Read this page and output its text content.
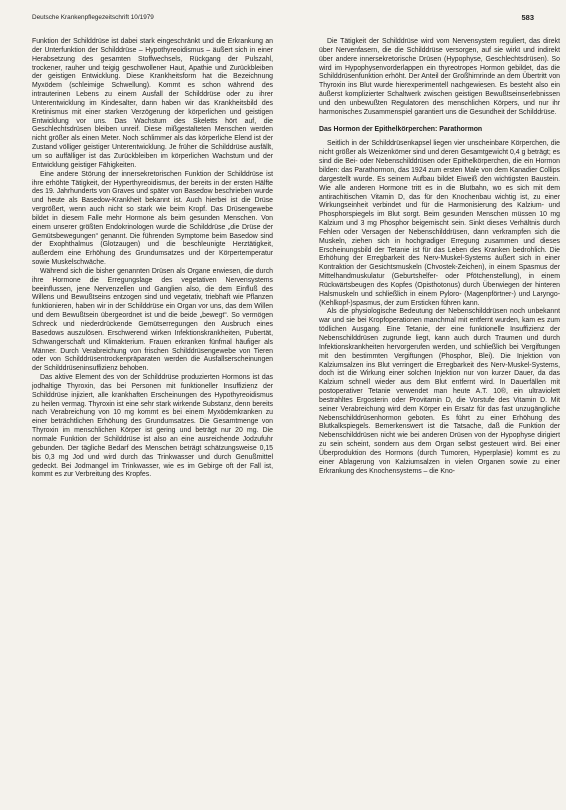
Deutsche Krankenpflegezeitschrift 10/1979	583

Funktion der Schilddrüse ist dabei stark eingeschränkt und die Erkrankung an der Unterfunktion der Schilddrüse – Hypothyreoidismus – äußert sich in einer Herabsetzung des gesamten Stoffwechsels, Rückgang der Pulszahl, trockener, rauher und teigig geschwollener Haut, Apathie und Zurückbleiben der geistigen Entwicklung. Diese Krankheitsform hat die Bezeichnung Myxödem (schleimige Schwellung). Kommt es schon während des intrauterinen Lebens zu einem Ausfall der Schilddrüse oder zu ihrer Unterentwicklung im Kindesalter, dann haben wir das Krankheitsbild des Kretinismus mit einer starken Verzögerung der körperlichen und geistigen Entwicklung vor uns. Das Wachstum des Skeletts hört auf, die Geschlechtsdrüsen bleiben unreif. Diese mißgestalteten Menschen werden nicht größer als einen Meter. Noch schlimmer als das körperliche Elend ist der Zustand völliger geistiger Unterentwicklung. Je früher die Schilddrüse ausfällt, um so auffälliger ist das Zurückbleiben im körperlichen Wachstum und der Entwicklung geistiger Fähigkeiten.

Eine andere Störung der innersekretorischen Funktion der Schilddrüse ist ihre erhöhte Tätigkeit, der Hyperthyreoidismus, der bereits in der ersten Hälfte des 19. Jahrhunderts von Graves und später von Basedow beschrieben wurde und heute als Basedow-Krankheit bekannt ist. Auch hierbei ist die Drüse vergrößert, wenn auch nicht so stark wie beim Kropf. Das Drüsengewebe bildet in diesem Falle mehr Hormone als beim gesunden Menschen. Von einem unserer größten Endokrinologen wurde die Schilddrüse „die Drüse der Gemütsbewegungen“ genannt. Die führenden Symptome beim Basedow sind der Exophthalmus (Glotzaugen) und die beschleunigte Herztätigkeit, außerdem eine Erhöhung des Grundumsatzes und der Körpertemperatur sowie Muskelschwäche.

Während sich die bisher genannten Drüsen als Organe erwiesen, die durch ihre Hormone die Erregungslage des vegetativen Nervensystems beeinflussen, jene Nervenzellen und Ganglien also, die dem Einfluß des Willens und Bewußtseins entzogen sind und vegetativ, triebhaft wie Pflanzen funktionieren, haben wir in der Schilddrüse ein Organ vor uns, das dem Willen und dem Bewußtsein übergeordnet ist und die beide „bewegt“. So vermögen Schreck und niederdrückende Gemütserregungen den Ausbruch eines Basedows auszulösen. Erschwerend wirken Infektionskrankheiten, Pubertät, Schwangerschaft und Klimakterium. Frauen erkranken fünfmal häufiger als Männer. Durch Verabreichung von frischen Schilddrüsengewebe von Tieren oder von Schilddrüsentrockenpräparaten werden die Ausfallserscheinungen der Schilddrüseninsuffizienz behoben.

Das aktive Element des von der Schilddrüse produzierten Hormons ist das jodhaltige Thyroxin, das bei Personen mit funktioneller Insuffizienz der Schilddrüse injiziert, alle krankhaften Erscheinungen des Hypothyreoidismus zu heilen vermag. Thyroxin ist eine sehr stark wirkende Substanz, denn bereits nach Verabreichung von 10 mg kommt es bei einem Myxödemkranken zu einer beträchtlichen Erhöhung des Grundumsatzes. Die Gesamtmenge von Thyroxin im menschlichen Körper ist gering und beträgt nur 20 mg. Die normale Funktion der Schilddrüse ist also an eine ausreichende Jodzufuhr gebunden. Der tägliche Bedarf des Menschen beträgt schätzungsweise 0,15 bis 0,3 mg Jod und wird durch das Trinkwasser und durch Genußmittel gedeckt. Bei Jodmangel im Trinkwasser, wie es im Gebirge oft der Fall ist, kommt es zur Verbreitung des Kropfes.

Die Tätigkeit der Schilddrüse wird vom Nervensystem reguliert, das direkt über Nervenfasern, die die Schilddrüse versorgen, auf sie wirkt und indirekt über andere innersekretorische Drüsen (Hypophyse, Geschlechtsdrüsen). So wird im Hypophysenvorderlappen ein thyreotropes Hormon gebildet, das die Schilddrüsenfunktion erhöht. Der Anteil der Großhirnrinde an dem Übertritt von Thyroxin ins Blut wurde hierexperimentell nachgewiesen. Es besteht also ein äußerst komplizierter Schaltwerk zwischen geistigen Bewußtseinserlebnissen und den unbewußten Regulatoren des menschlichen Körpers, und nur ihr harmonisches Zusammenspiel garantiert uns die Gesundheit der Schilddrüse.

Das Hormon der Epithelkörperchen: Parathormon

Seitlich in der Schilddrüsenkapsel liegen vier unscheinbare Körperchen, die nicht größer als Weizenkörner sind und deren Gesamtgewicht 0,4 g beträgt; es sind die Bei- oder Nebenschilddrüsen oder Epithelkörperchen, die ein Hormon bilden: das Parathormon, das 1924 zum ersten Male von dem Kanadier Collips dargestellt wurde. Es seinem Aufbau bildet Eiweiß den wichtigsten Baustein. Wie alle anderen Hormone tritt es in die Blutbahn, wo es sich mit dem antirachitischen Vitamin D, das für den Knochenbau wichtig ist, zu einer Wirkungseinheit verbindet und für die Harmonisierung des Kalzium- und Phosphorspiegels im Blut sorgt. Beim gesunden Menschen müssen 10 mg Kalzium und 3 mg Phosphor beigemischt sein. Sinkt dieses Verhältnis durch Fehlen oder Versagen der Nebenschilddrüsen, dann verkrampfen sich die Muskeln, ziehen sich in hochgradiger Erregung zusammen und dieses Erscheinungsbild der Tetanie ist für das Leben des Kranken bedrohlich. Die Erhöhung der Erregbarkeit des Nerv-Muskel-Systems äußert sich in einer Kontraktion der Gesichtsmuskeln (Chvostek-Zeichen), in einem Spasmus der Mittelhandmuskulatur (Geburtshelfer- oder Pfötchenstellung), in einem Rückwärtsbeugen des Kopfes (Opisthotonus) durch Überwiegen der hinteren Halsmuskeln und schließlich in einem Pyloro- (Magenpförtner-) und Laryngo- (Kehlkopf-)spasmus, der zum Ersticken führen kann.

Als die physiologische Bedeutung der Nebenschilddrüsen noch unbekannt war und sie bei Kropfoperationen manchmal mit entfernt wurden, kam es zum tödlichen Ausgang. Eine Tetanie, der eine funktionelle Insuffizienz der Nebenschilddrüsen zugrunde liegt, kann auch durch Traumen und durch Infektionskrankheiten hervorgerufen werden, und schließlich bei Vergiftungen mit den bestimmten Vergiftungen (Phosphor, Blei). Die Injektion von Kalziumsalzen ins Blut verringert die Erregbarkeit des Nerv-Muskel-Systems, doch ist die Wirkung einer solchen Injektion nur von kurzer Dauer, da das Kalzium schnell wieder aus dem Blut entfernt wird. In Dauerfällen mit postoperativer Tetanie verwendet man heute A.T. 10®, ein ultraviolett bestrahltes Ergosterin oder Provitamin D, die Vorstufe des Vitamin D. Mit seiner Verabreichung wird dem Körper ein Ersatz für das fast unzugängliche Nebenschilddrüsenhormon geboten. Es führt zu einer Erhöhung des Blutkalkspiegels. Bemerkenswert ist die Tatsache, daß die Funktion der Nebenschilddrüsen nicht wie bei anderen Drüsen von der Hypophyse dirigiert zu sein scheint, sondern aus dem Organ selbst gesteuert wird. Bei einer Überproduktion des Hormons (durch Tumoren, Hyperplasie) kommt es zu einer Ablagerung von Kalziumsalzen in vielen Organen sowie zu einer Erkrankung des Knochensystems – die Kno-
